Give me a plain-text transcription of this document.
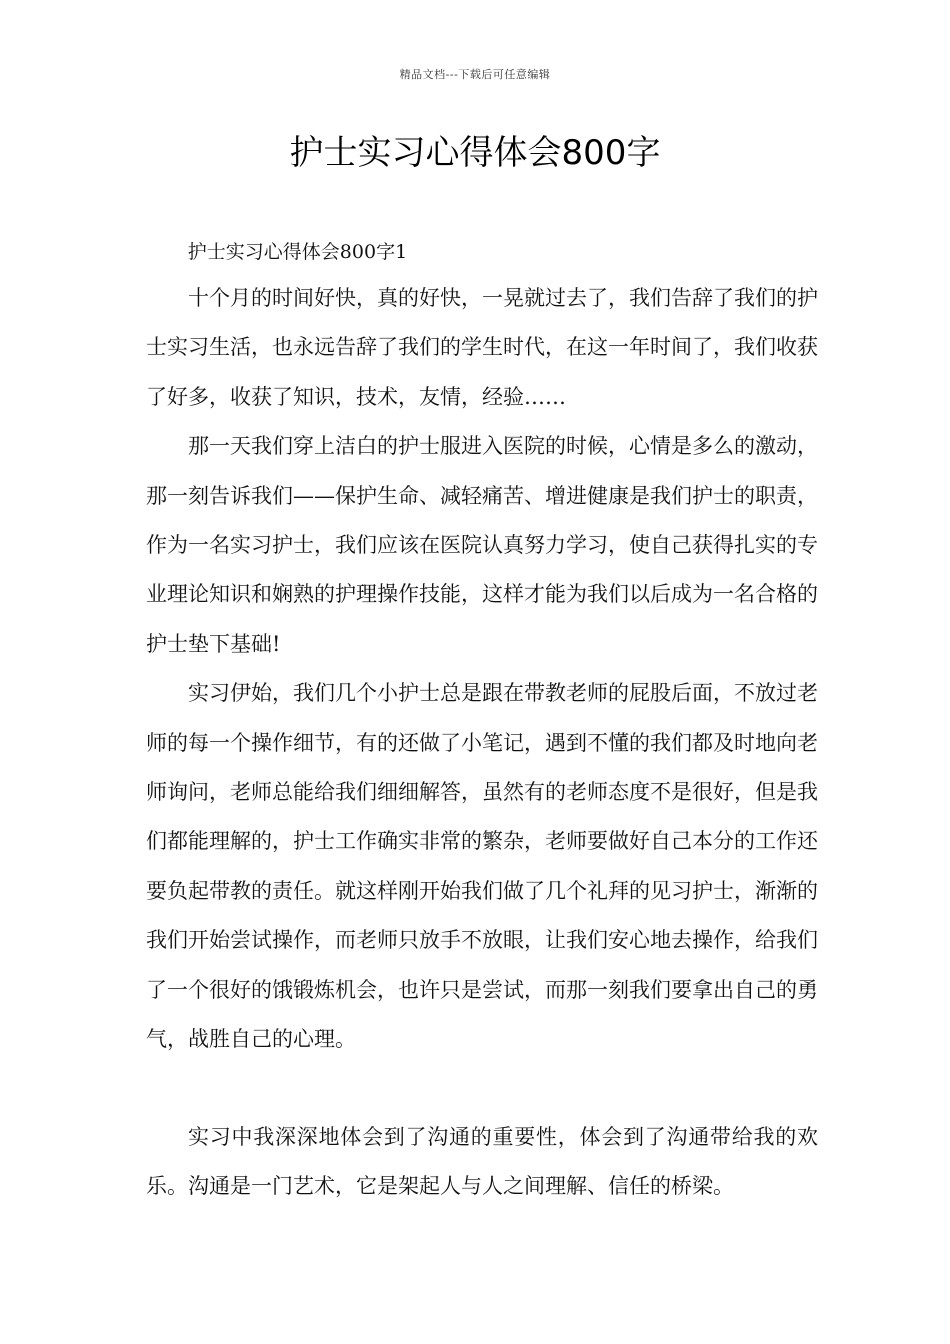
精品文档---下载后可任意编辑
护士实习心得体会800字

护士实习心得体会800字1

十个月的时间好快，真的好快，一晃就过去了，我们告辞了我们的护士实习生活，也永远告辞了我们的学生时代，在这一年时间了，我们收获了好多，收获了知识，技术，友情，经验……

那一天我们穿上洁白的护士服进入医院的时候，心情是多么的激动，那一刻告诉我们——保护生命、减轻痛苦、增进健康是我们护士的职责，作为一名实习护士，我们应该在医院认真努力学习，使自己获得扎实的专业理论知识和娴熟的护理操作技能，这样才能为我们以后成为一名合格的护士垫下基础!

实习伊始，我们几个小护士总是跟在带教老师的屁股后面，不放过老师的每一个操作细节，有的还做了小笔记，遇到不懂的我们都及时地向老师询问，老师总能给我们细细解答，虽然有的老师态度不是很好，但是我们都能理解的，护士工作确实非常的繁杂，老师要做好自己本分的工作还要负起带教的责任。就这样刚开始我们做了几个礼拜的见习护士，渐渐的我们开始尝试操作，而老师只放手不放眼，让我们安心地去操作，给我们了一个很好的饿锻炼机会，也许只是尝试，而那一刻我们要拿出自己的勇气，战胜自己的心理。

实习中我深深地体会到了沟通的重要性，体会到了沟通带给我的欢乐。沟通是一门艺术，它是架起人与人之间理解、信任的桥梁。
